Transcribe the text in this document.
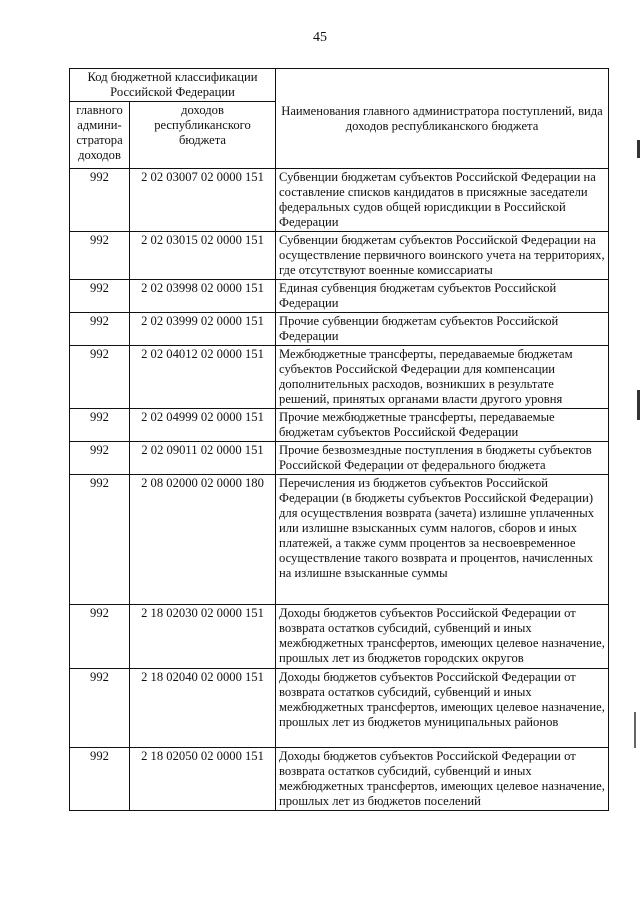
45
Код бюджетной классификации Российской Федерации		Наименования главного администратора поступлений, вида доходов республиканского бюджета
главного админи-стратора доходов	доходов республиканского бюджета	
992	2 02 03007 02 0000 151	Субвенции бюджетам субъектов Российской Федерации на составление списков кандидатов в присяжные заседатели федеральных судов общей юрисдикции в Российской Федерации
992	2 02 03015 02 0000 151	Субвенции бюджетам субъектов Российской Федерации на осуществление первичного воинского учета на территориях, где отсутствуют военные комиссариаты
992	2 02 03998 02 0000 151	Единая субвенция бюджетам субъектов Российской Федерации
992	2 02 03999 02 0000 151	Прочие субвенции бюджетам субъектов Российской Федерации
992	2 02 04012 02 0000 151	Межбюджетные трансферты, передаваемые бюджетам субъектов Российской Федерации для компенсации дополнительных расходов, возникших в результате решений, принятых органами власти другого уровня
992	2 02 04999 02 0000 151	Прочие межбюджетные трансферты, передаваемые бюджетам субъектов Российской Федерации
992	2 02 09011 02 0000 151	Прочие безвозмездные поступления в бюджеты субъектов Российской Федерации от федерального бюджета
992	2 08 02000 02 0000 180	Перечисления из бюджетов субъектов Российской Федерации (в бюджеты субъектов Российской Федерации) для осуществления возврата (зачета) излишне уплаченных или излишне взысканных сумм налогов, сборов и иных платежей, а также сумм процентов за несвоевременное осуществление такого возврата и процентов, начисленных на излишне взысканные суммы
992	2 18 02030 02 0000 151	Доходы бюджетов субъектов Российской Федерации от возврата остатков субсидий, субвенций и иных межбюджетных трансфертов, имеющих целевое назначение, прошлых лет из бюджетов городских округов
992	2 18 02040 02 0000 151	Доходы бюджетов субъектов Российской Федерации от возврата остатков субсидий, субвенций и иных межбюджетных трансфертов, имеющих целевое назначение, прошлых лет из бюджетов муниципальных районов
992	2 18 02050 02 0000 151	Доходы бюджетов субъектов Российской Федерации от возврата остатков субсидий, субвенций и иных межбюджетных трансфертов, имеющих целевое назначение, прошлых лет из бюджетов поселений
